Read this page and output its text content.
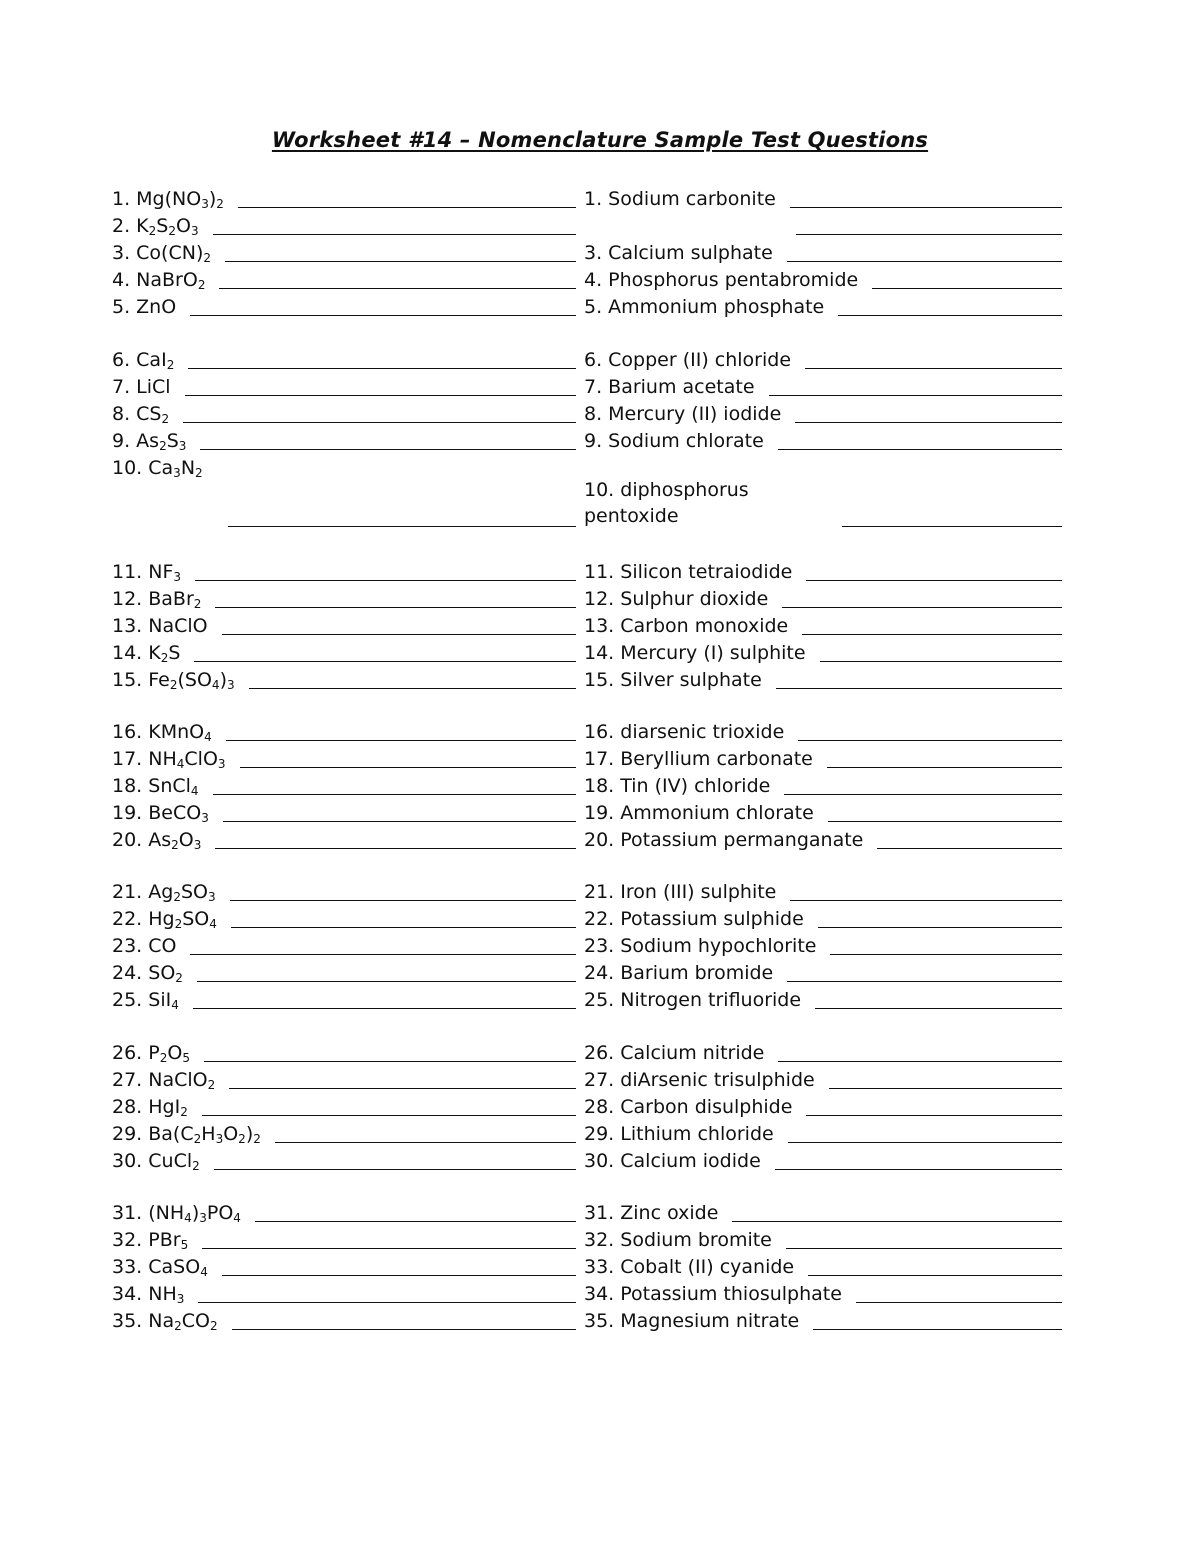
Worksheet #14 – Nomenclature Sample Test Questions
1. $Mg(NO_3)_2$
2. $K_2S_2O_3$
3. $Co(CN)_2$
4. NaBrO$_2$
5. ZnO
6. CaI$_2$
7. LiCl
8. $CS_2$
9. $As_2S_3$
10. $Ca_3N_2$
11. $NF_3$
12. BaBr$_2$
13. NaClO
14. $K_2S$
15. $Fe_2(SO_4)_3$
16. KMnO$_4$
17. $NH_4ClO_3$
18. SnCl$_4$
19. BeCO$_3$
20. $As_2O_3$
21. $Ag_2SO_3$
22. $Hg_2SO_4$
23. CO
24. $SO_2$
25. SiI$_4$
26. $P_2O_5$
27. NaClO$_2$
28. HgI$_2$
29. $Ba(C_2H_3O_2)_2$
30. CuCl$_2$
31. $(NH_4)_3PO_4$
32. PBr$_5$
33. CaSO$_4$
34. $NH_3$
35. $Na_2CO_2$
1. Sodium carbonite
3. Calcium sulphate
4. Phosphorus pentabromide
5. Ammonium phosphate
6. Copper (II) chloride
7. Barium acetate
8. Mercury (II) iodide
9. Sodium chlorate
10. diphosphorus pentoxide
11. Silicon tetraiodide
12. Sulphur dioxide
13. Carbon monoxide
14. Mercury (I) sulphite
15. Silver sulphate
16. diarsenic trioxide
17. Beryllium carbonate
18. Tin (IV) chloride
19. Ammonium chlorate
20. Potassium permanganate
21. Iron (III) sulphite
22. Potassium sulphide
23. Sodium hypochlorite
24. Barium bromide
25. Nitrogen trifluoride
26. Calcium nitride
27. diArsenic trisulphide
28. Carbon disulphide
29. Lithium chloride
30. Calcium iodide
31. Zinc oxide
32. Sodium bromite
33. Cobalt (II) cyanide
34. Potassium thiosulphate
35. Magnesium nitrate
